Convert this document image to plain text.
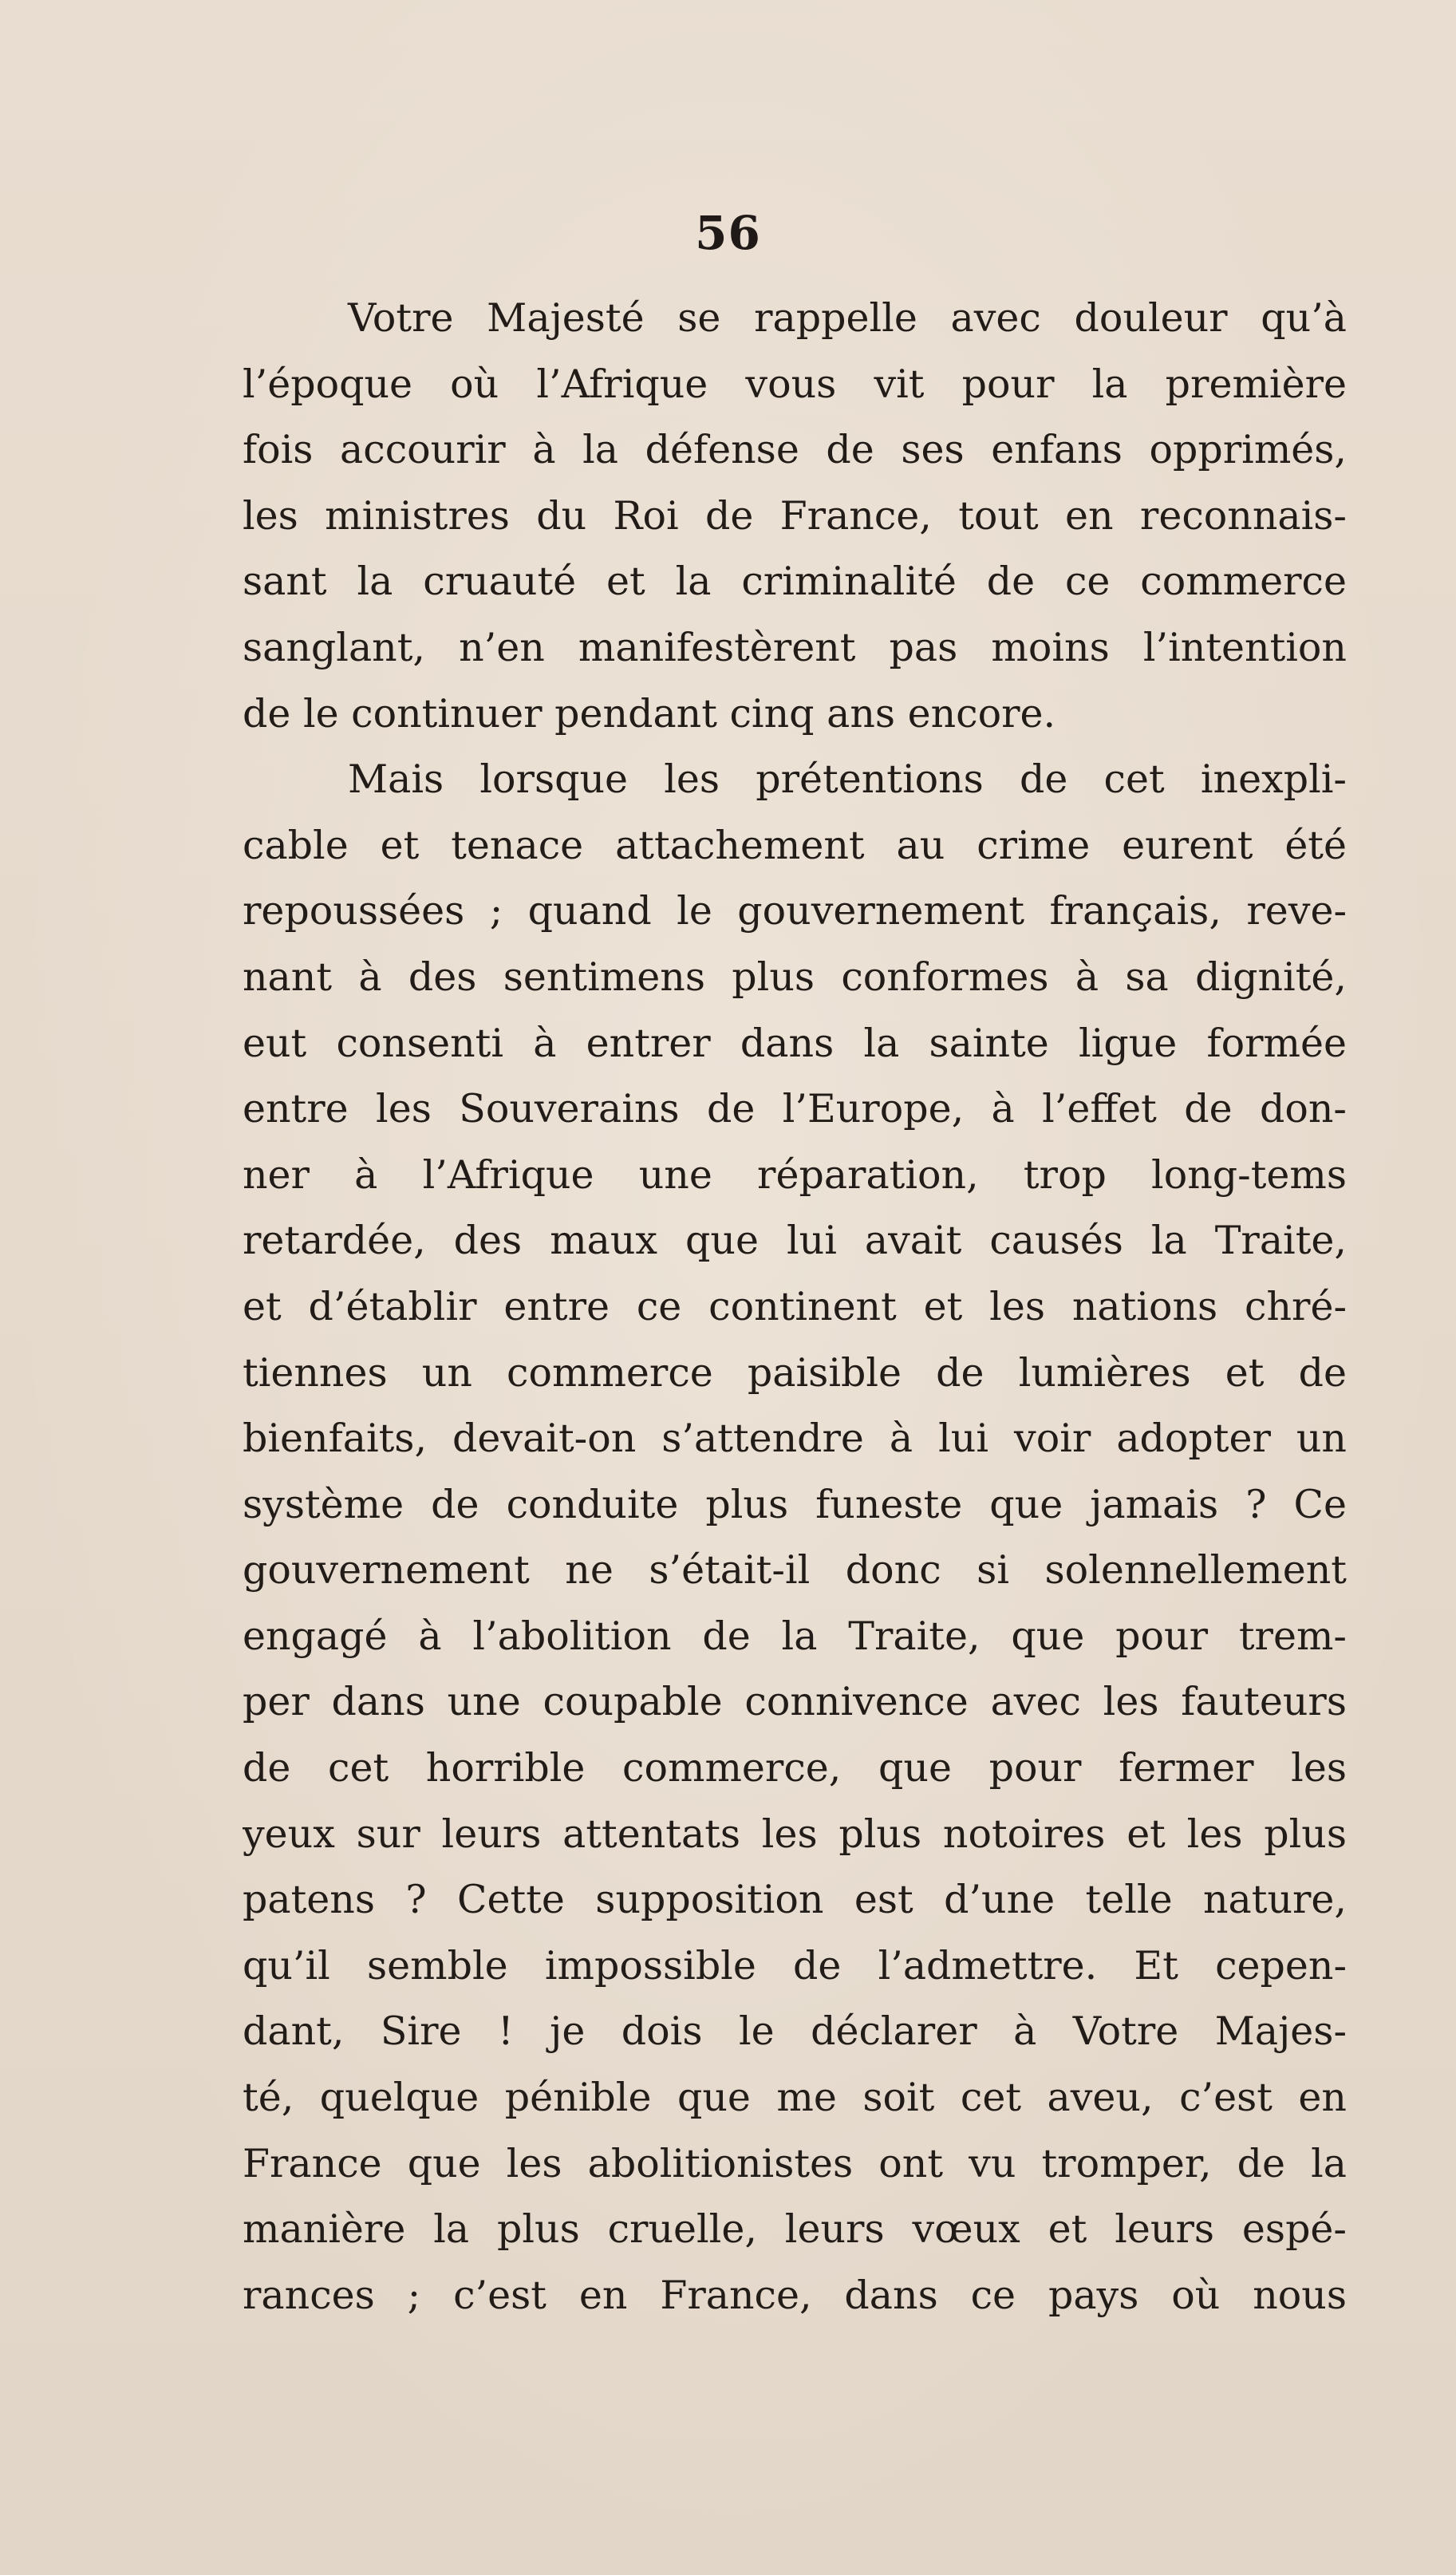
56
Votre Majesté se rappelle avec douleur qu’à
l’époque où l’Afrique vous vit pour la première
fois accourir à la défense de ses enfans opprimés,
les ministres du Roi de France, tout en reconnais-
sant la cruauté et la criminalité de ce commerce
sanglant, n’en manifestèrent pas moins l’intention
de le continuer pendant cinq ans encore.
Mais lorsque les prétentions de cet inexpli-
cable et tenace attachement au crime eurent été
repoussées ; quand le gouvernement français, reve-
nant à des sentimens plus conformes à sa dignité,
eut consenti à entrer dans la sainte ligue formée
entre les Souverains de l’Europe, à l’effet de don-
ner à l’Afrique une réparation, trop long-tems
retardée, des maux que lui avait causés la Traite,
et d’établir entre ce continent et les nations chré-
tiennes un commerce paisible de lumières et de
bienfaits, devait-on s’attendre à lui voir adopter un
système de conduite plus funeste que jamais ? Ce
gouvernement ne s’était-il donc si solennellement
engagé à l’abolition de la Traite, que pour trem-
per dans une coupable connivence avec les fauteurs
de cet horrible commerce, que pour fermer les
yeux sur leurs attentats les plus notoires et les plus
patens ? Cette supposition est d’une telle nature,
qu’il semble impossible de l’admettre. Et cepen-
dant, Sire ! je dois le déclarer à Votre Majes-
té, quelque pénible que me soit cet aveu, c’est en
France que les abolitionistes ont vu tromper, de la
manière la plus cruelle, leurs vœux et leurs espé-
rances ; c’est en France, dans ce pays où nous
